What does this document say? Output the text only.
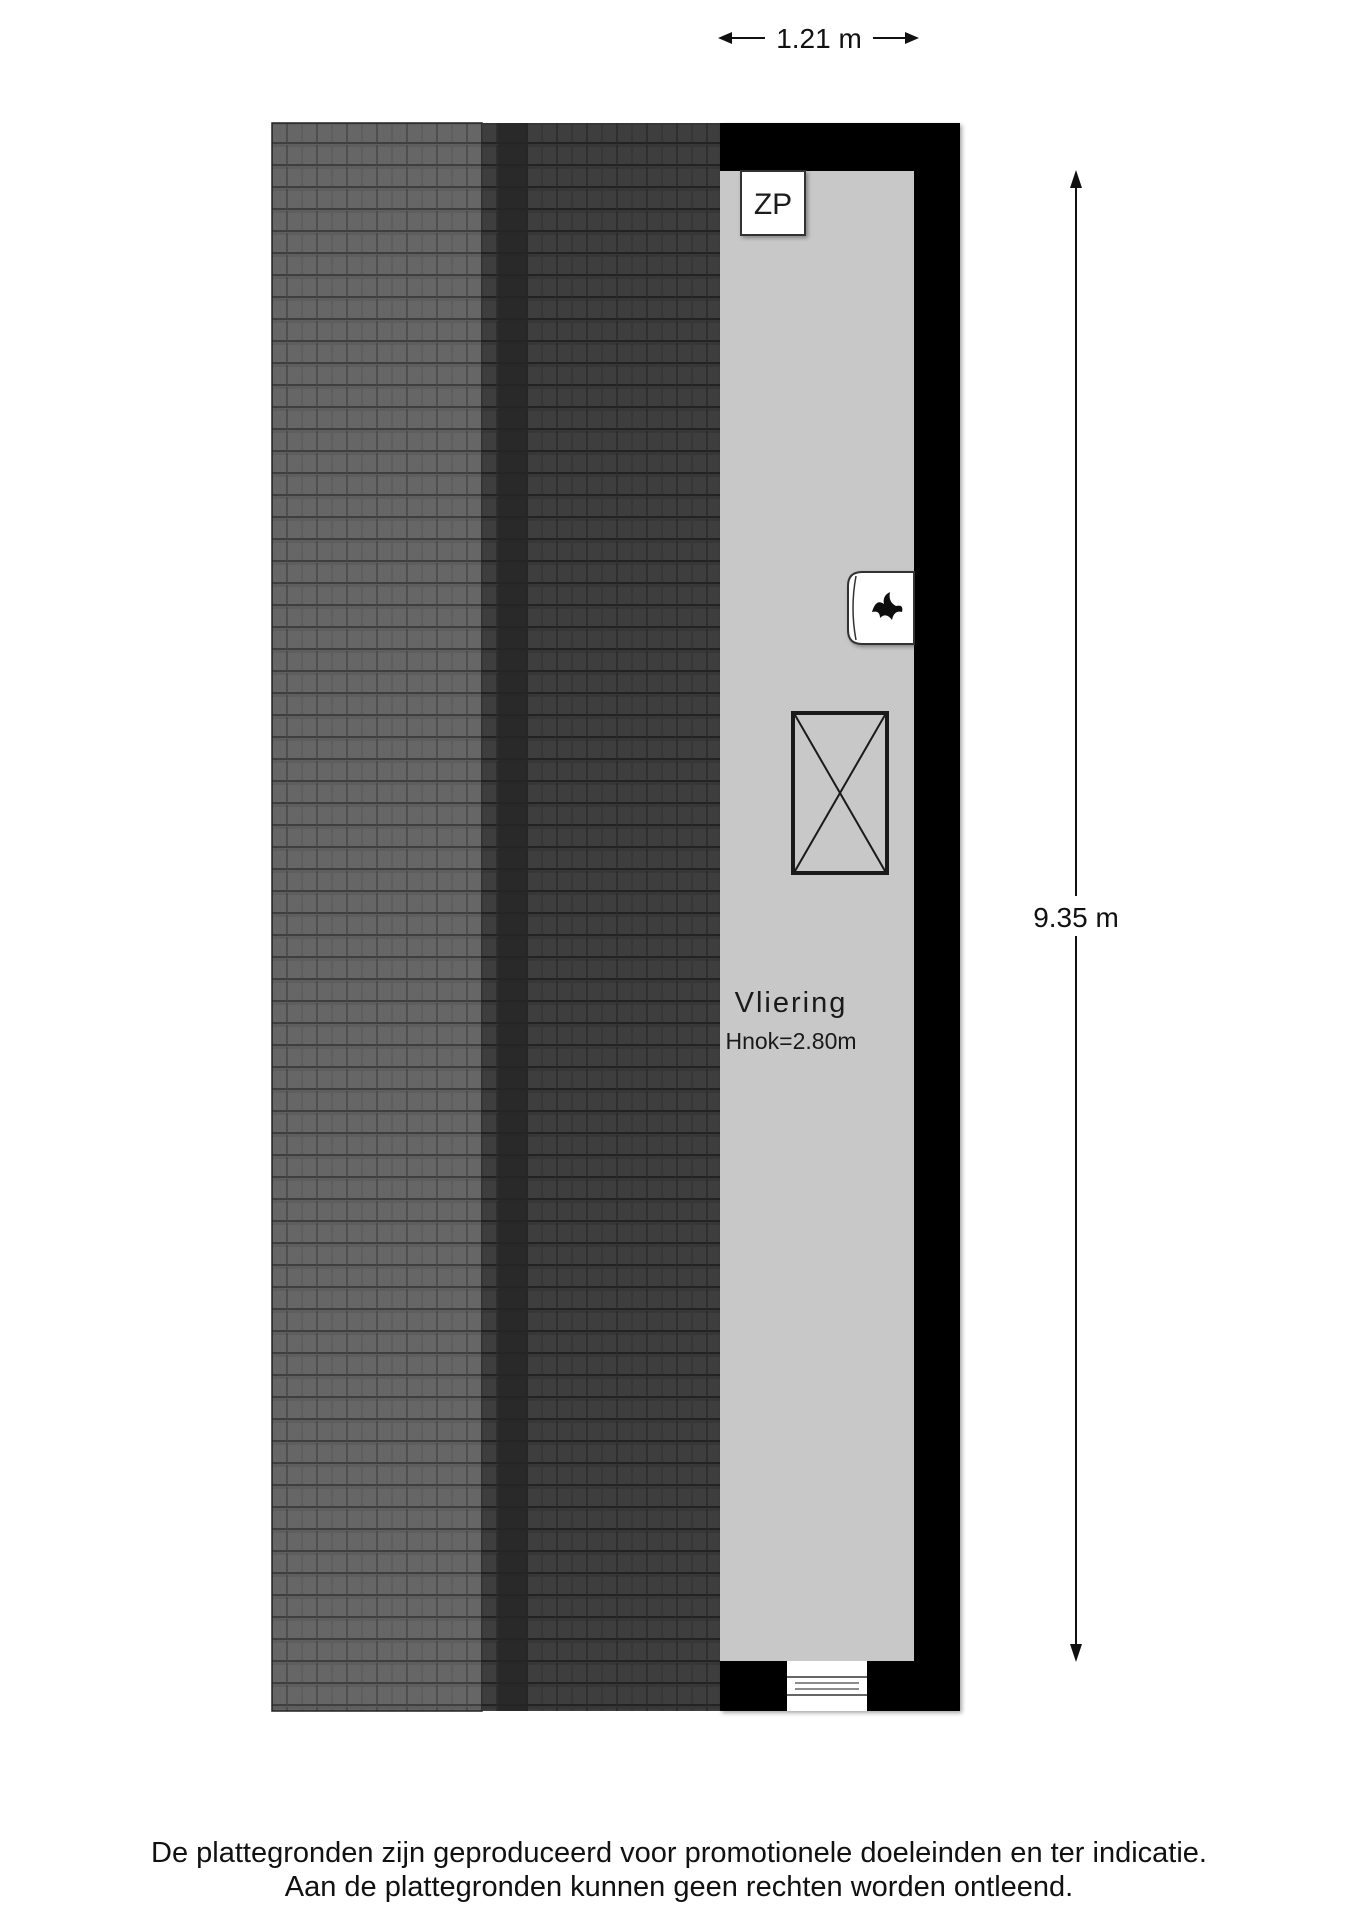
1.21 m
ZP
Vliering
Hnok=2.80m
9.35 m
De plattegronden zijn geproduceerd voor promotionele doeleinden en ter indicatie.
Aan de plattegronden kunnen geen rechten worden ontleend.
